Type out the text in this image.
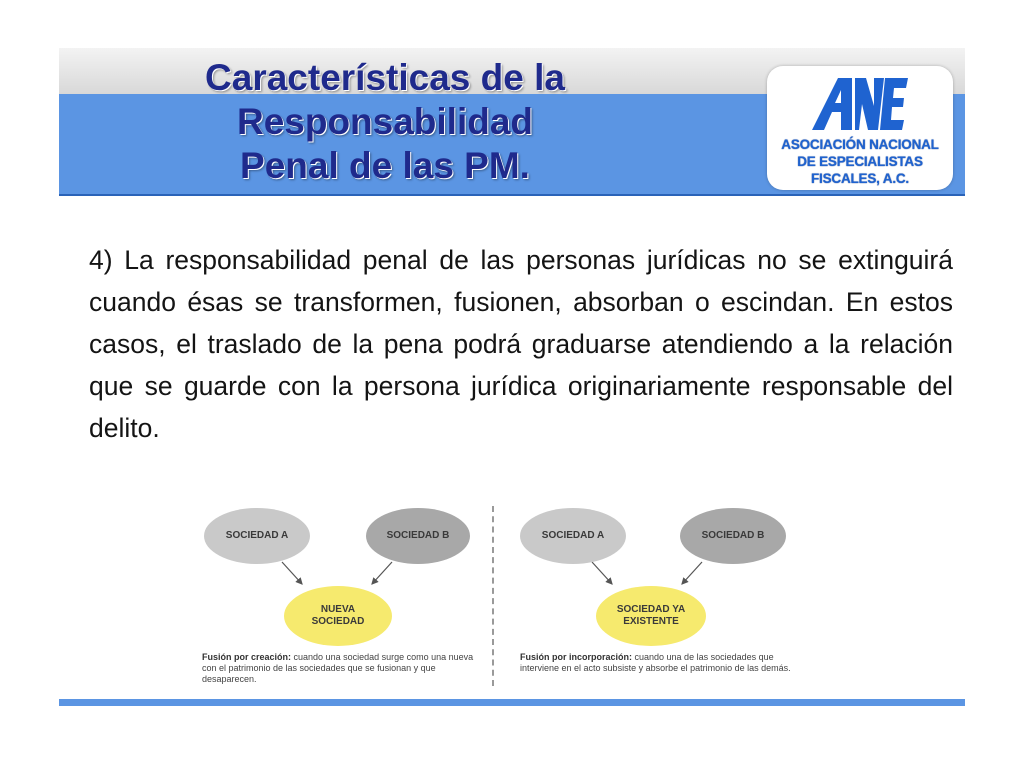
Características de la
Responsabilidad
Penal de las PM.
ASOCIACIÓN NACIONAL
DE ESPECIALISTAS
FISCALES, A.C.

4) La responsabilidad penal de las personas jurídicas no se extinguirá cuando ésas se transformen, fusionen, absorban o escindan. En estos casos, el traslado de la pena podrá graduarse atendiendo a la relación que se guarde con la persona jurídica originariamente responsable del delito.

SOCIEDAD A	SOCIEDAD B
NUEVA
SOCIEDAD
Fusión por creación: cuando una sociedad surge como una nueva con el patrimonio de las sociedades que se fusionan y que desaparecen.
SOCIEDAD A	SOCIEDAD B
SOCIEDAD YA
EXISTENTE
Fusión por incorporación: cuando una de las sociedades que interviene en el acto subsiste y absorbe el patrimonio de las demás.
